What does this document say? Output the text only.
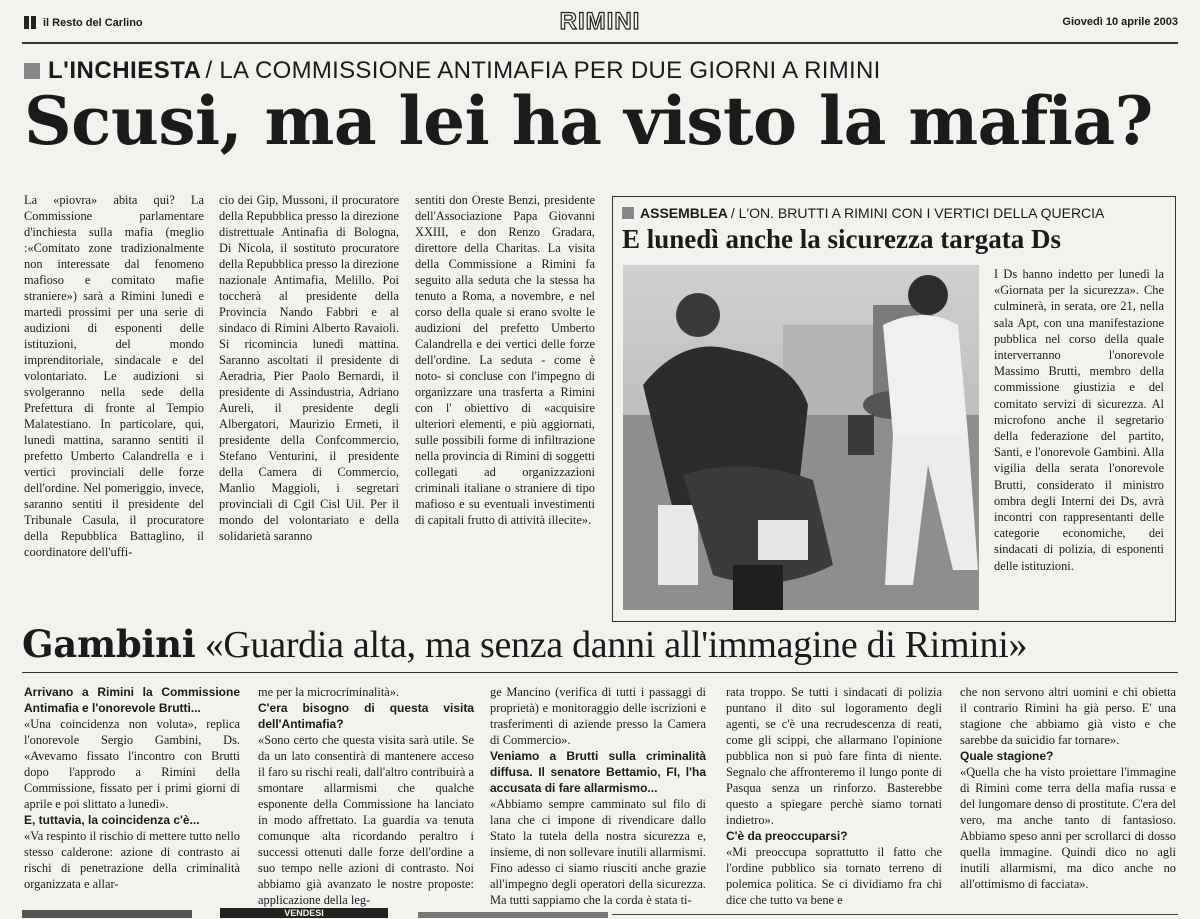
il Resto del Carlino	RIMINI	Giovedì 10 aprile 2003
L'INCHIESTA / LA COMMISSIONE ANTIMAFIA PER DUE GIORNI A RIMINI
Scusi, ma lei ha visto la mafia?
La «piovra» abita qui? La Commissione parlamentare d'inchiesta sulla mafia (meglio :«Comitato zone tradizionalmente non interessate dal fenomeno mafioso e comitato mafie straniere») sarà a Rimini lunedì e martedì prossimi per una serie di audizioni di esponenti delle istituzioni, del mondo imprenditoriale, sindacale e del volontariato. Le audizioni si svolgeranno nella sede della Prefettura di fronte al Tempio Malatestiano. In particolare, qui, lunedì mattina, saranno sentiti il prefetto Umberto Calandrella e i vertici provinciali delle forze dell'ordine. Nel pomeriggio, invece, saranno sentiti il presidente del Tribunale Casula, il procuratore della Repubblica Battaglino, il coordinatore dell'uffi-
cio dei Gip, Mussoni, il procuratore della Repubblica presso la direzione distrettuale Antinafia di Bologna, Di Nicola, il sostituto procuratore della Repubblica presso la direzione nazionale Antimafia, Melillo. Poi toccherà al presidente della Provincia Nando Fabbri e al sindaco di Rimini Alberto Ravaioli. Si ricomincia lunedì mattina. Saranno ascoltati il presidente di Aeradria, Pier Paolo Bernardi, il presidente di Assindustria, Adriano Aureli, il presidente degli Albergatori, Maurizio Ermeti, il presidente della Confcommercio, Stefano Venturini, il presidente della Camera di Commercio, Manlio Maggioli, i segretari provinciali di Cgil Cisl Uil. Per il mondo del volontariato e della solidarietà saranno
sentiti don Oreste Benzi, presidente dell'Associazione Papa Giovanni XXIII, e don Renzo Gradara, direttore della Charitas. La visita della Commissione a Rimini fa seguito alla seduta che la stessa ha tenuto a Roma, a novembre, e nel corso della quale si erano svolte le audizioni del prefetto Umberto Calandrella e dei vertici delle forze dell'ordine. La seduta - come è noto- si concluse con l'impegno di organizzare una trasferta a Rimini con l' obiettivo di «acquisire ulteriori elementi, e più aggiornati, sulle possibili forme di infiltrazione nella provincia di Rimini di soggetti collegati ad organizzazioni criminali italiane o straniere di tipo mafioso e su eventuali investimenti di capitali frutto di attività illecite».
ASSEMBLEA / L'ON. BRUTTI A RIMINI CON I VERTICI DELLA QUERCIA
E lunedì anche la sicurezza targata Ds
I Ds hanno indetto per lunedì la «Giornata per la sicurezza». Che culminerà, in serata, ore 21, nella sala Apt, con una manifestazione pubblica nel corso della quale interverranno l'onorevole Massimo Brutti, membro della commissione giustizia e del comitato servizi di sicurezza. Al microfono anche il segretario della federazione del partito, Santi, e l'onorevole Gambini. Alla vigilia della serata l'onorevole Brutti, considerato il ministro ombra degli Interni dei Ds, avrà incontri con rappresentanti delle categorie economiche, dei sindacati di polizia, di esponenti delle istituzioni.
Gambini «Guardia alta, ma senza danni all'immagine di Rimini»

Arrivano a Rimini la Commissione Antimafia e l'onorevole Brutti...

«Una coincidenza non voluta», replica l'onorevole Sergio Gambini, Ds. «Avevamo fissato l'incontro con Brutti dopo l'approdo a Rimini della Commissione, fissato per i primi giorni di aprile e poi slittato a lunedì».

E, tuttavia, la coincidenza c'è...

«Va respinto il rischio di mettere tutto nello stesso calderone: azione di contrasto ai rischi di penetrazione della criminalità organizzata e allar-

me per la microcriminalità».

C'era bisogno di questa visita dell'Antimafia?

«Sono certo che questa visita sarà utile. Se da un lato consentirà di mantenere acceso il faro su rischi reali, dall'altro contribuirà a smontare allarmismi che qualche esponente della Commissione ha lanciato in modo affrettato. La guardia va tenuta comunque alta ricordando peraltro i successi ottenuti dalle forze dell'ordine a suo tempo nelle azioni di contrasto. Noi abbiamo già avanzato le nostre proposte: applicazione della leg-

ge Mancino (verifica di tutti i passaggi di proprietà) e monitoraggio delle iscrizioni e trasferimenti di aziende presso la Camera di Commercio».

Veniamo a Brutti sulla criminalità diffusa. Il senatore Bettamio, FI, l'ha accusata di fare allarmismo...

«Abbiamo sempre camminato sul filo di lana che ci impone di rivendicare dallo Stato la tutela della nostra sicurezza e, insieme, di non sollevare inutili allarmismi. Fino adesso ci siamo riusciti anche grazie all'impegno degli operatori della sicurezza. Ma tutti sappiamo che la corda è stata ti-

rata troppo. Se tutti i sindacati di polizia puntano il dito sul logoramento degli agenti, se c'è una recrudescenza di reati, come gli scippi, che allarmano l'opinione pubblica non si può fare finta di niente. Segnalo che affronteremo il lungo ponte di Pasqua senza un rinforzo. Basterebbe questo a spiegare perchè siamo tornati indietro».

C'è da preoccuparsi?

«Mi preoccupa soprattutto il fatto che l'ordine pubblico sia tornato terreno di polemica politica. Se ci dividiamo fra chi dice che tutto va bene e

che non servono altri uomini e chi obietta il contrario Rimini ha già perso. E' una stagione che abbiamo già visto e che sarebbe da suicidio far tornare».

Quale stagione?

«Quella che ha visto proiettare l'immagine di Rimini come terra della mafia russa e del lungomare denso di prostitute. C'era del vero, ma anche tanto di fantasioso. Abbiamo speso anni per scrollarci di dosso quella immagine. Quindi dico no agli inutili allarmismi, ma dico anche no all'ottimismo di facciata».

VENDESI
